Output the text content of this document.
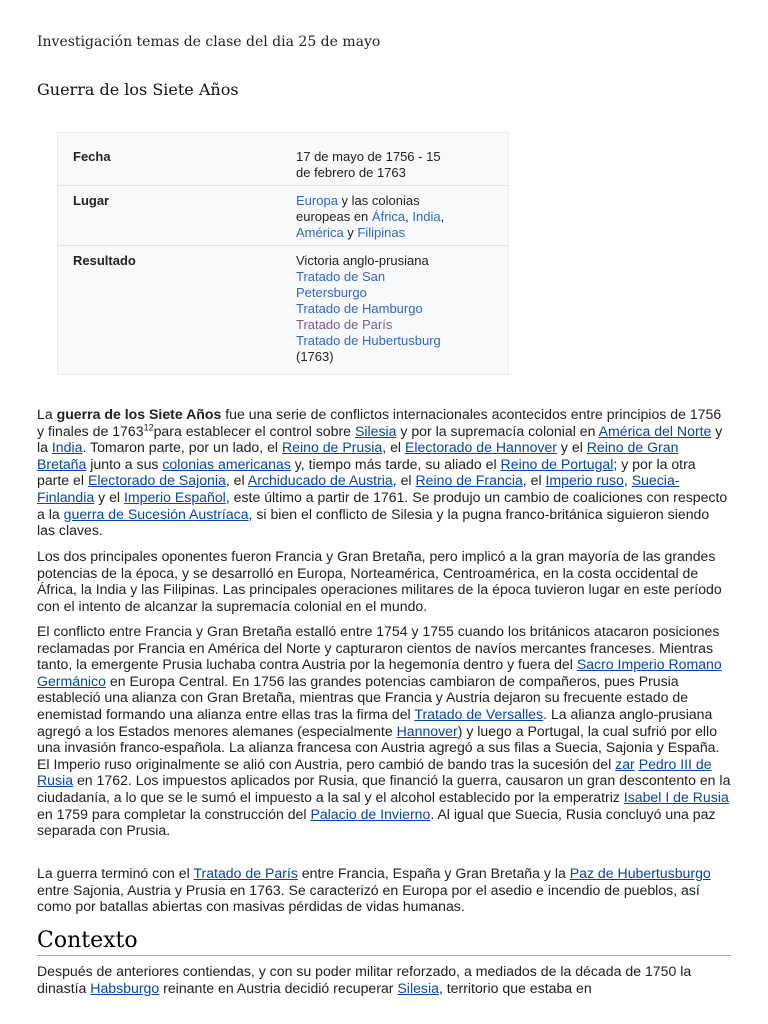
Investigación temas de clase del dia 25 de mayo
Guerra de los Siete Años
Fecha	17 de mayo de 1756 - 15
de febrero de 1763
Lugar	Europa y las colonias
europeas en África, India,
América y Filipinas
Resultado	Victoria anglo-prusiana
Tratado de San
Petersburgo
Tratado de Hamburgo
Tratado de París
Tratado de Hubertusburg
(1763)
La guerra de los Siete Años fue una serie de conflictos internacionales acontecidos entre principios de 1756 y finales de 1763$^{12}$para establecer el control sobre Silesia y por la supremacía colonial en América del Norte y la India. Tomaron parte, por un lado, el Reino de Prusia, el Electorado de Hannover y el Reino de Gran Bretaña junto a sus colonias americanas y, tiempo más tarde, su aliado el Reino de Portugal; y por la otra parte el Electorado de Sajonia, el Archiducado de Austria, el Reino de Francia, el Imperio ruso, Suecia-Finlandia y el Imperio Español, este último a partir de 1761. Se produjo un cambio de coaliciones con respecto a la guerra de Sucesión Austríaca, si bien el conflicto de Silesia y la pugna franco-británica siguieron siendo las claves.
Los dos principales oponentes fueron Francia y Gran Bretaña, pero implicó a la gran mayoría de las grandes potencias de la época, y se desarrolló en Europa, Norteamérica, Centroamérica, en la costa occidental de África, la India y las Filipinas. Las principales operaciones militares de la época tuvieron lugar en este período con el intento de alcanzar la supremacía colonial en el mundo.
El conflicto entre Francia y Gran Bretaña estalló entre 1754 y 1755 cuando los británicos atacaron posiciones reclamadas por Francia en América del Norte y capturaron cientos de navíos mercantes franceses. Mientras tanto, la emergente Prusia luchaba contra Austria por la hegemonía dentro y fuera del Sacro Imperio Romano Germánico en Europa Central. En 1756 las grandes potencias cambiaron de compañeros, pues Prusia estableció una alianza con Gran Bretaña, mientras que Francia y Austria dejaron su frecuente estado de enemistad formando una alianza entre ellas tras la firma del Tratado de Versalles. La alianza anglo-prusiana agregó a los Estados menores alemanes (especialmente Hannover) y luego a Portugal, la cual sufrió por ello una invasión franco-española. La alianza francesa con Austria agregó a sus filas a Suecia, Sajonia y España. El Imperio ruso originalmente se alió con Austria, pero cambió de bando tras la sucesión del zar Pedro III de Rusia en 1762. Los impuestos aplicados por Rusia, que financió la guerra, causaron un gran descontento en la ciudadanía, a lo que se le sumó el impuesto a la sal y el alcohol establecido por la emperatriz Isabel I de Rusia en 1759 para completar la construcción del Palacio de Invierno. Al igual que Suecia, Rusia concluyó una paz separada con Prusia.
La guerra terminó con el Tratado de París entre Francia, España y Gran Bretaña y la Paz de Hubertusburgo entre Sajonia, Austria y Prusia en 1763. Se caracterizó en Europa por el asedio e incendio de pueblos, así como por batallas abiertas con masivas pérdidas de vidas humanas.
Contexto
Después de anteriores contiendas, y con su poder militar reforzado, a mediados de la década de 1750 la dinastía Habsburgo reinante en Austria decidió recuperar Silesia, territorio que estaba en
